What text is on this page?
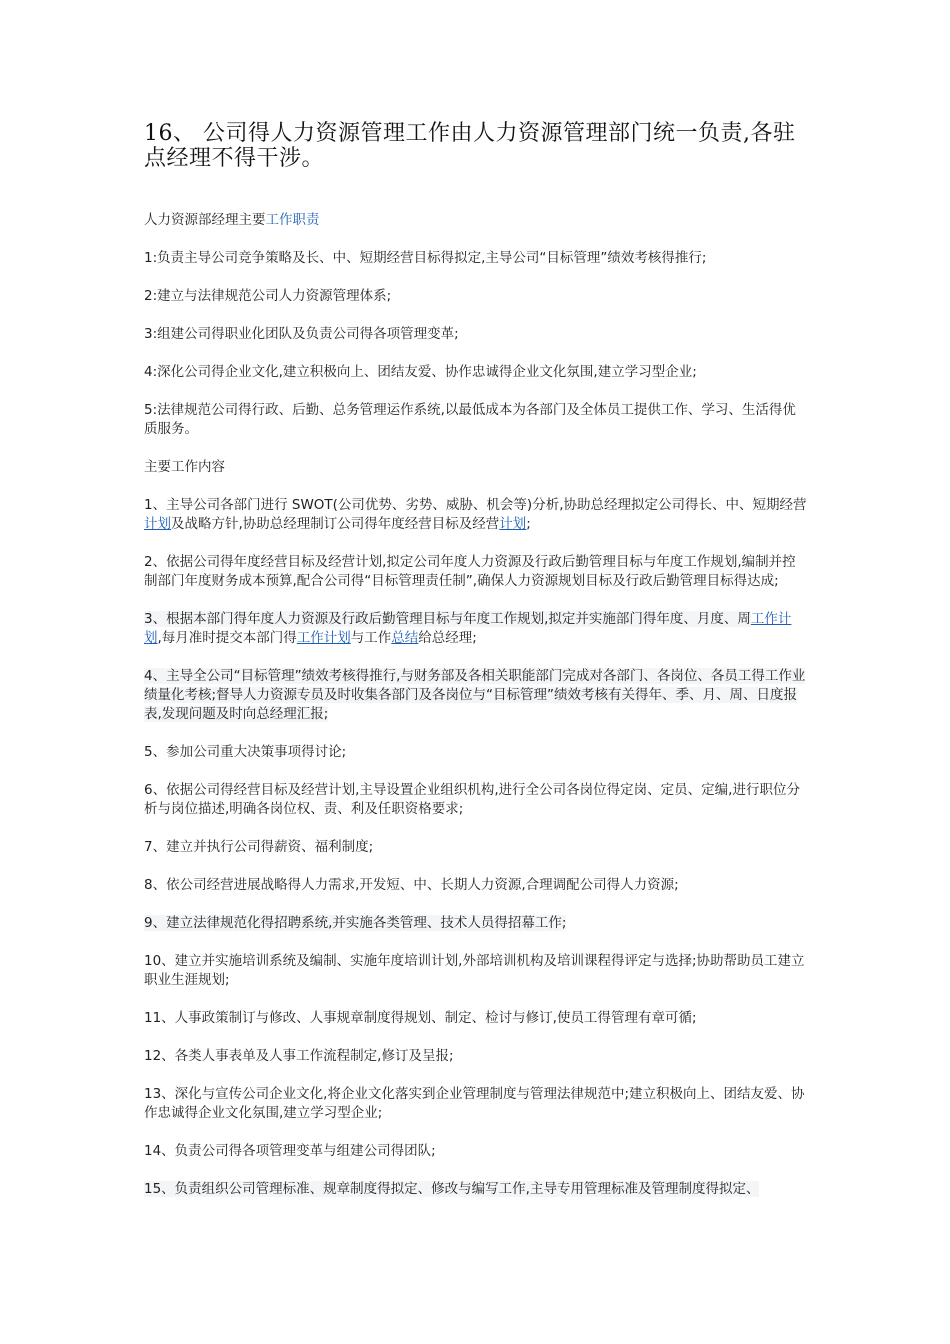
16、 公司得人力资源管理工作由人力资源管理部门统一负责,各驻点经理不得干涉。

人力资源部经理主要工作职责

1:负责主导公司竞争策略及长、中、短期经营目标得拟定,主导公司“目标管理”绩效考核得推行;

2:建立与法律规范公司人力资源管理体系;

3:组建公司得职业化团队及负责公司得各项管理变革;

4:深化公司得企业文化,建立积极向上、团结友爱、协作忠诚得企业文化氛围,建立学习型企业;

5:法律规范公司得行政、后勤、总务管理运作系统,以最低成本为各部门及全体员工提供工作、学习、生活得优质服务。

主要工作内容

1、主导公司各部门进行 SWOT(公司优势、劣势、威胁、机会等)分析,协助总经理拟定公司得长、中、短期经营计划及战略方针,协助总经理制订公司得年度经营目标及经营计划;

2、依据公司得年度经营目标及经营计划,拟定公司年度人力资源及行政后勤管理目标与年度工作规划,编制并控制部门年度财务成本预算,配合公司得“目标管理责任制”,确保人力资源规划目标及行政后勤管理目标得达成;

3、根据本部门得年度人力资源及行政后勤管理目标与年度工作规划,拟定并实施部门得年度、月度、周工作计划,每月准时提交本部门得工作计划与工作总结给总经理;

4、主导全公司“目标管理”绩效考核得推行,与财务部及各相关职能部门完成对各部门、各岗位、各员工得工作业绩量化考核;督导人力资源专员及时收集各部门及各岗位与“目标管理”绩效考核有关得年、季、月、周、日度报表,发现问题及时向总经理汇报;

5、参加公司重大决策事项得讨论;

6、依据公司得经营目标及经营计划,主导设置企业组织机构,进行全公司各岗位得定岗、定员、定编,进行职位分析与岗位描述,明确各岗位权、责、利及任职资格要求;

7、建立并执行公司得薪资、福利制度;

8、依公司经营进展战略得人力需求,开发短、中、长期人力资源,合理调配公司得人力资源;

9、建立法律规范化得招聘系统,并实施各类管理、技术人员得招幕工作;

10、建立并实施培训系统及编制、实施年度培训计划,外部培训机构及培训课程得评定与选择;协助帮助员工建立职业生涯规划;

11、人事政策制订与修改、人事规章制度得规划、制定、检讨与修订,使员工得管理有章可循;

12、各类人事表单及人事工作流程制定,修订及呈报;

13、深化与宣传公司企业文化,将企业文化落实到企业管理制度与管理法律规范中;建立积极向上、团结友爱、协作忠诚得企业文化氛围,建立学习型企业;

14、负责公司得各项管理变革与组建公司得团队;

15、负责组织公司管理标准、规章制度得拟定、修改与编写工作,主导专用管理标准及管理制度得拟定、
